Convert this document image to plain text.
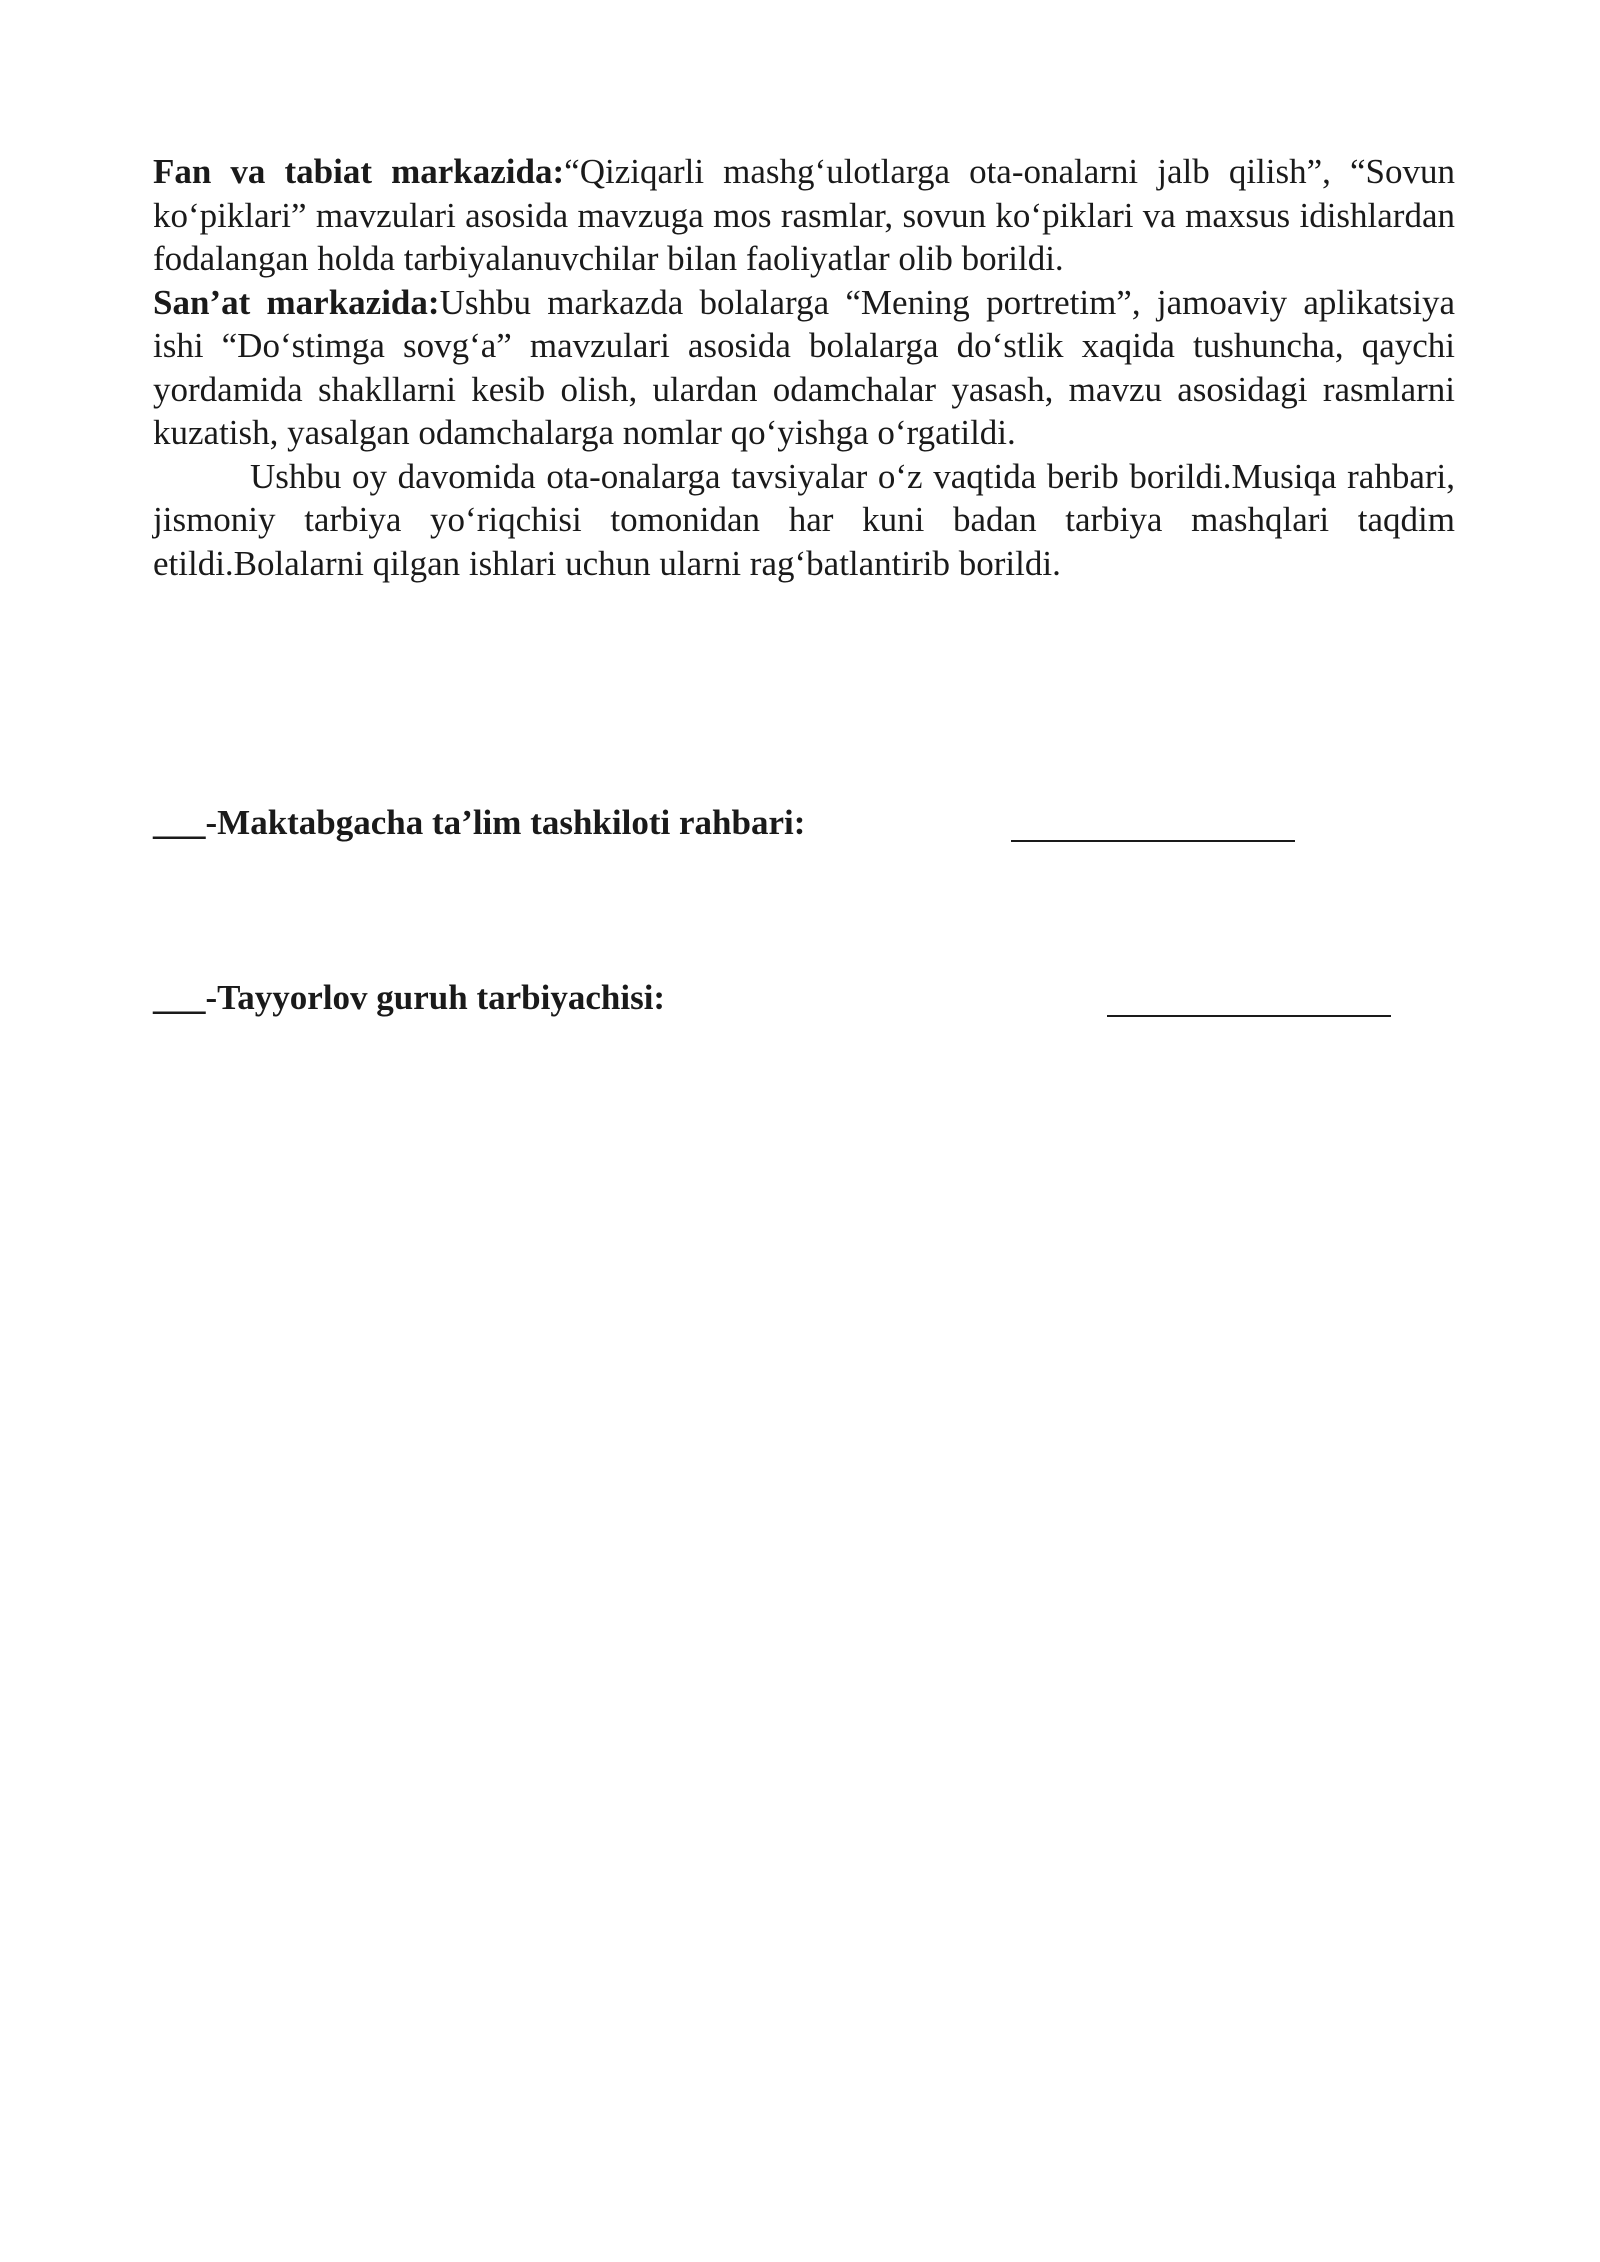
Fan va tabiat markazida:“Qiziqarli mashg‘ulotlarga ota-onalarni jalb qilish”, “Sovun ko‘piklari” mavzulari asosida mavzuga mos rasmlar, sovun ko‘piklari va maxsus idishlardan fodalangan holda tarbiyalanuvchilar bilan faoliyatlar olib borildi.

San’at markazida:Ushbu markazda bolalarga “Mening portretim”, jamoaviy aplikatsiya ishi “Do‘stimga sovg‘a” mavzulari asosida bolalarga do‘stlik xaqida tushuncha, qaychi yordamida shakllarni kesib olish, ulardan odamchalar yasash, mavzu asosidagi rasmlarni kuzatish, yasalgan odamchalarga nomlar qo‘yishga o‘rgatildi.

Ushbu oy davomida ota-onalarga tavsiyalar o‘z vaqtida berib borildi.Musiqa rahbari, jismoniy tarbiya yo‘riqchisi tomonidan har kuni badan tarbiya mashqlari taqdim etildi.Bolalarni qilgan ishlari uchun ularni rag‘batlantirib borildi.

___-Maktabgacha ta’lim tashkiloti rahbari:
___-Tayyorlov guruh tarbiyachisi:
